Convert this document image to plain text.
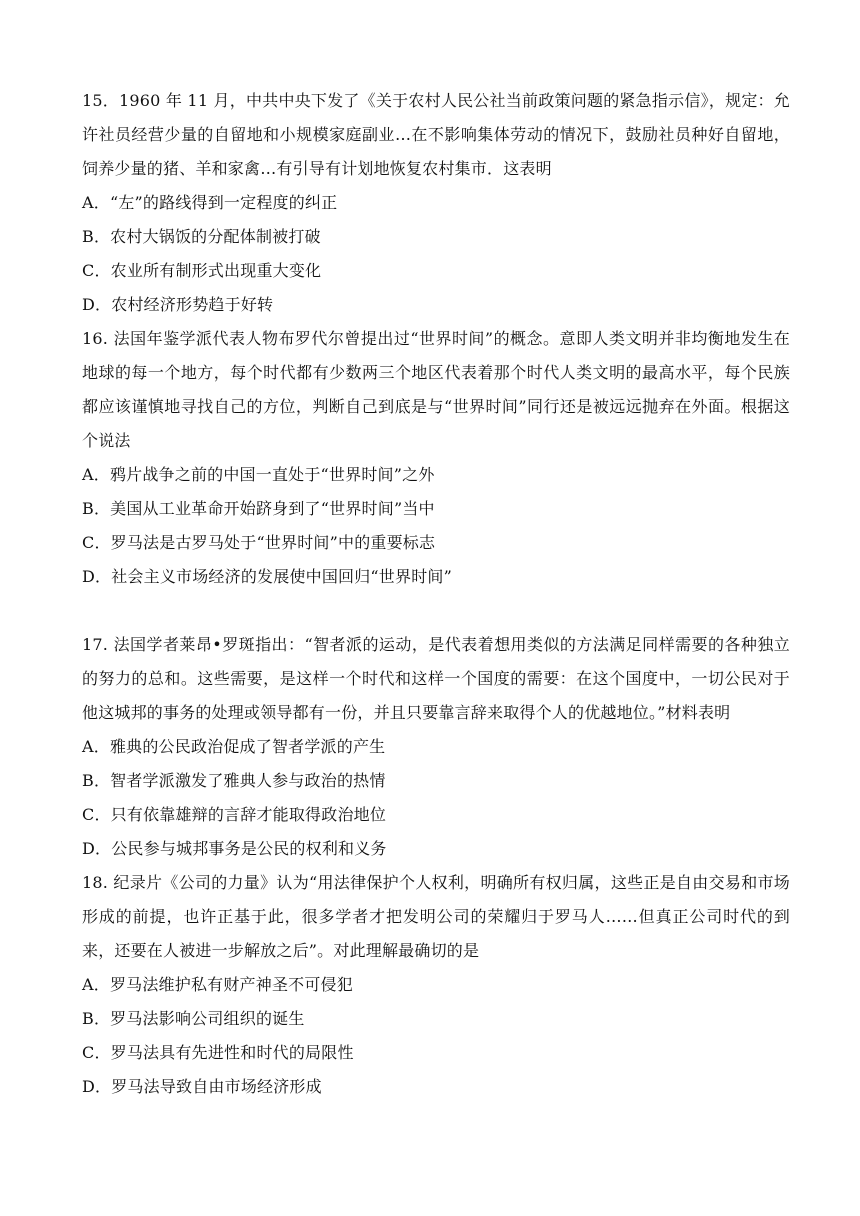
15．1960 年 11 月，中共中央下发了《关于农村人民公社当前政策问题的紧急指示信》，规定：允许社员经营少量的自留地和小规模家庭副业…在不影响集体劳动的情况下，鼓励社员种好自留地，饲养少量的猪、羊和家禽…有引导有计划地恢复农村集市．这表明

A．“左”的路线得到一定程度的纠正

B．农村大锅饭的分配体制被打破

C．农业所有制形式出现重大变化

D．农村经济形势趋于好转

16. 法国年鉴学派代表人物布罗代尔曾提出过“世界时间”的概念。意即人类文明并非均衡地发生在地球的每一个地方，每个时代都有少数两三个地区代表着那个时代人类文明的最高水平，每个民族都应该谨慎地寻找自己的方位，判断自己到底是与“世界时间”同行还是被远远抛弃在外面。根据这个说法

A．鸦片战争之前的中国一直处于“世界时间”之外

B．美国从工业革命开始跻身到了“世界时间”当中

C．罗马法是古罗马处于“世界时间”中的重要标志

D．社会主义市场经济的发展使中国回归“世界时间”

17. 法国学者莱昂•罗斑指出：“智者派的运动，是代表着想用类似的方法满足同样需要的各种独立的努力的总和。这些需要，是这样一个时代和这样一个国度的需要：在这个国度中，一切公民对于他这城邦的事务的处理或领导都有一份，并且只要靠言辞来取得个人的优越地位。”材料表明

A．雅典的公民政治促成了智者学派的产生

B．智者学派激发了雅典人参与政治的热情

C．只有依靠雄辩的言辞才能取得政治地位

D．公民参与城邦事务是公民的权利和义务

18. 纪录片《公司的力量》认为“用法律保护个人权利，明确所有权归属，这些正是自由交易和市场形成的前提，也许正基于此，很多学者才把发明公司的荣耀归于罗马人……但真正公司时代的到来，还要在人被进一步解放之后”。对此理解最确切的是

A．罗马法维护私有财产神圣不可侵犯

B．罗马法影响公司组织的诞生

C．罗马法具有先进性和时代的局限性

D．罗马法导致自由市场经济形成
